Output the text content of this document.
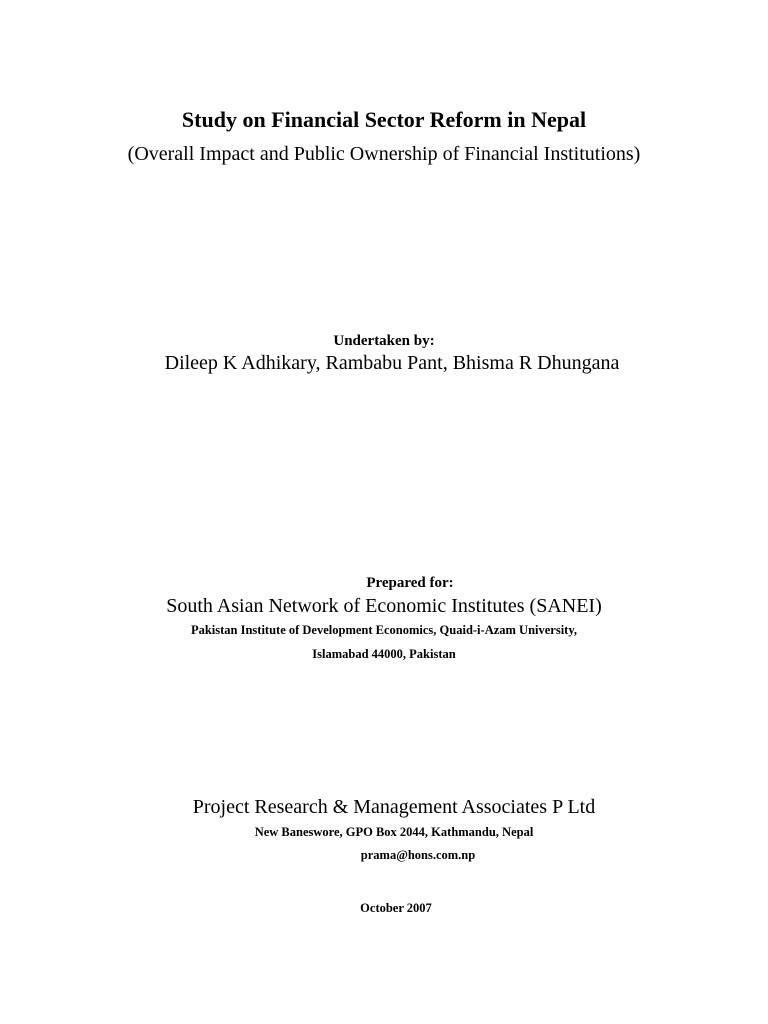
Study on Financial Sector Reform in Nepal
(Overall Impact and Public Ownership of Financial Institutions)
Undertaken by:
Dileep K Adhikary, Rambabu Pant, Bhisma R Dhungana
Prepared for:
South Asian Network of Economic Institutes (SANEI)
Pakistan Institute of Development Economics, Quaid-i-Azam University,
Islamabad 44000, Pakistan
Project Research & Management Associates P Ltd
New Baneswore, GPO Box 2044, Kathmandu, Nepal
prama@hons.com.np
October 2007
